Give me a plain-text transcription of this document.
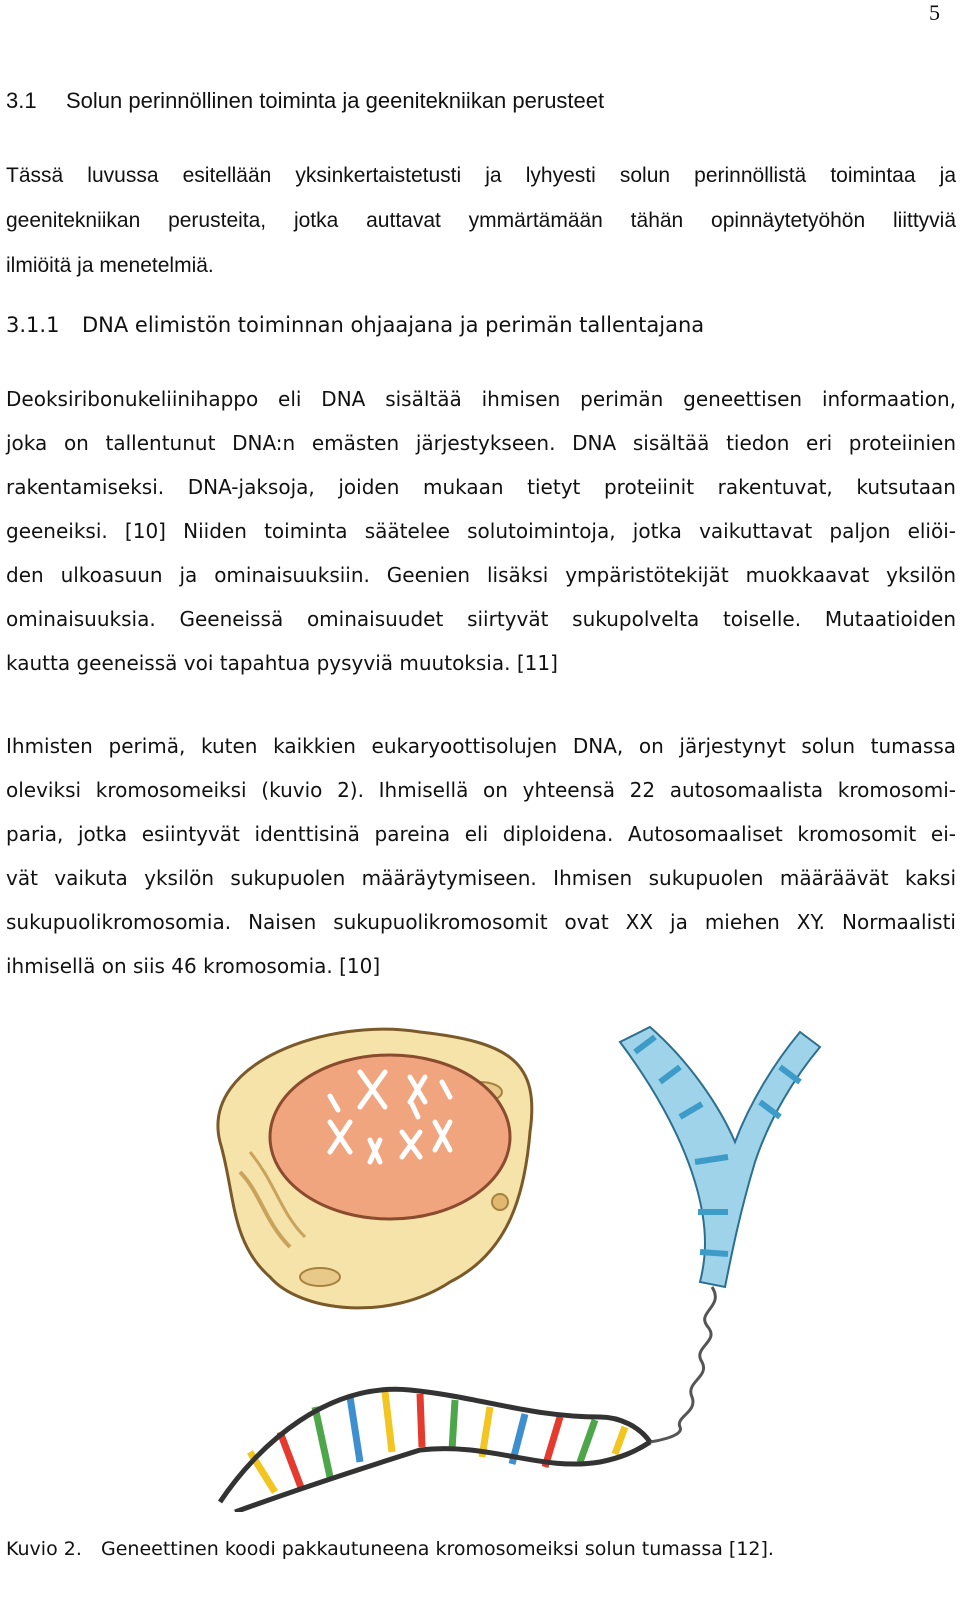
5
3.1 Solun perinnöllinen toiminta ja geenitekniikan perusteet
Tässä luvussa esitellään yksinkertaistetusti ja lyhyesti solun perinnöllistä toimintaa ja
geenitekniikan perusteita, jotka auttavat ymmärtämään tähän opinnäytetyöhön liittyviä
ilmiöitä ja menetelmiä.
3.1.1 DNA elimistön toiminnan ohjaajana ja perimän tallentajana
Deoksiribonukeliinihappo eli DNA sisältää ihmisen perimän geneettisen informaation,
joka on tallentunut DNA:n emästen järjestykseen. DNA sisältää tiedon eri proteiinien
rakentamiseksi. DNA-jaksoja, joiden mukaan tietyt proteiinit rakentuvat, kutsutaan
geeneiksi. [10] Niiden toiminta säätelee solutoimintoja, jotka vaikuttavat paljon eliöi-
den ulkoasuun ja ominaisuuksiin. Geenien lisäksi ympäristötekijät muokkaavat yksilön
ominaisuuksia. Geeneissä ominaisuudet siirtyvät sukupolvelta toiselle. Mutaatioiden
kautta geeneissä voi tapahtua pysyviä muutoksia. [11]
Ihmisten perimä, kuten kaikkien eukaryoottisolujen DNA, on järjestynyt solun tumassa
oleviksi kromosomeiksi (kuvio 2). Ihmisellä on yhteensä 22 autosomaalista kromosomi-
paria, jotka esiintyvät identtisinä pareina eli diploidena. Autosomaaliset kromosomit ei-
vät vaikuta yksilön sukupuolen määräytymiseen. Ihmisen sukupuolen määräävät kaksi
sukupuolikromosomia. Naisen sukupuolikromosomit ovat XX ja miehen XY. Normaalisti
ihmisellä on siis 46 kromosomia. [10]
Kuvio 2. Geneettinen koodi pakkautuneena kromosomeiksi solun tumassa [12].
